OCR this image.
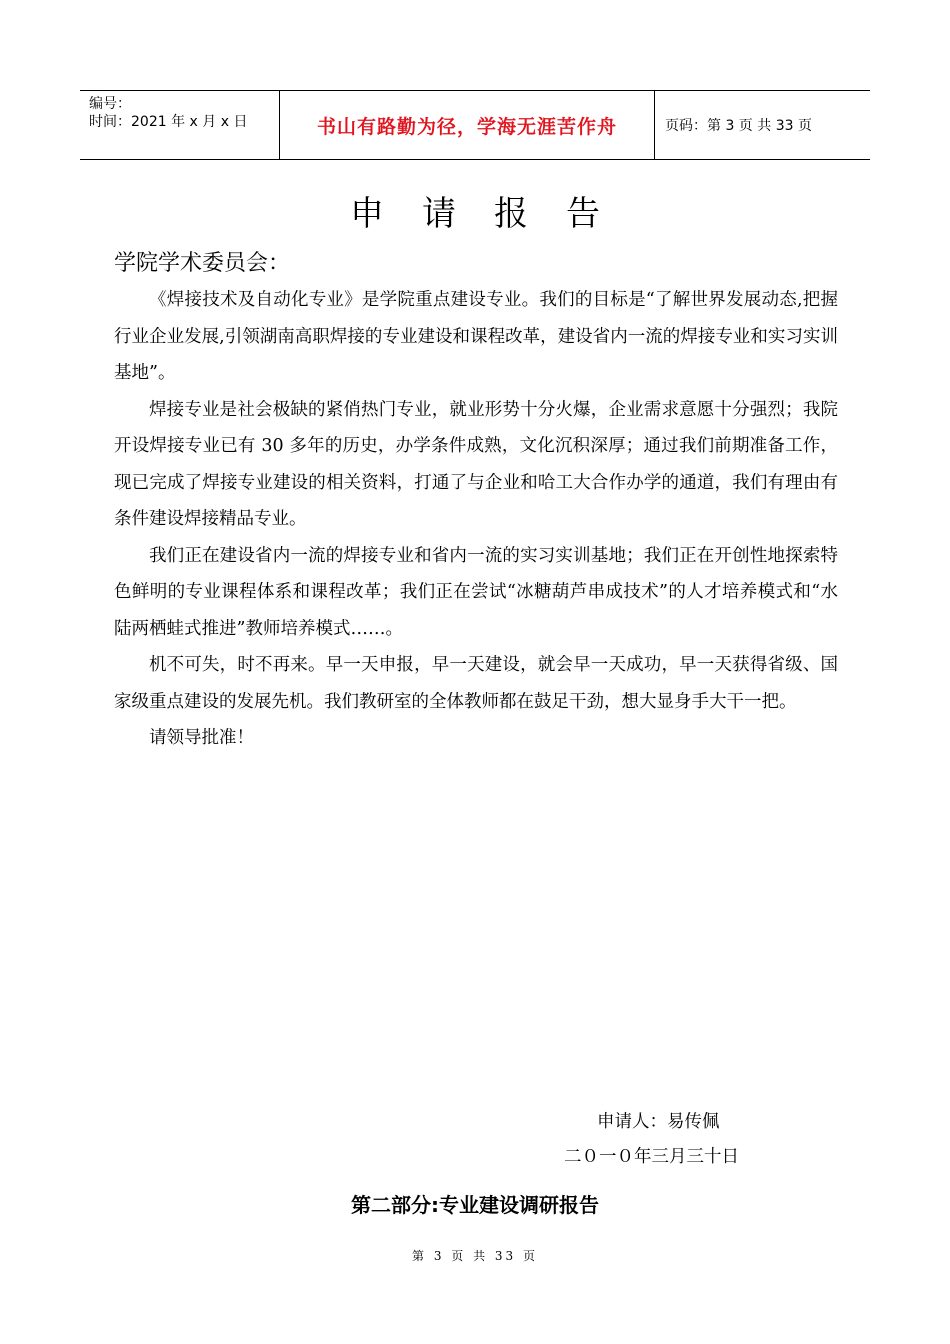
编号：
时间：2021 年 x 月 x 日	书山有路勤为径，学海无涯苦作舟	页码：第 3 页 共 33 页
申请报告
学院学术委员会：

《焊接技术及自动化专业》是学院重点建设专业。我们的目标是“了解世界发展动态,把握行业企业发展,引领湖南高职焊接的专业建设和课程改革，建设省内一流的焊接专业和实习实训基地”。

焊接专业是社会极缺的紧俏热门专业，就业形势十分火爆，企业需求意愿十分强烈；我院开设焊接专业已有 30 多年的历史，办学条件成熟，文化沉积深厚；通过我们前期准备工作，现已完成了焊接专业建设的相关资料，打通了与企业和哈工大合作办学的通道，我们有理由有条件建设焊接精品专业。

我们正在建设省内一流的焊接专业和省内一流的实习实训基地；我们正在开创性地探索特色鲜明的专业课程体系和课程改革；我们正在尝试“冰糖葫芦串成技术”的人才培养模式和“水陆两栖蛙式推进”教师培养模式……。

机不可失，时不再来。早一天申报，早一天建设，就会早一天成功，早一天获得省级、国家级重点建设的发展先机。我们教研室的全体教师都在鼓足干劲，想大显身手大干一把。

请领导批准！

申请人：易传佩
二０一０年三月三十日
第二部分:专业建设调研报告
第 3 页 共 33 页
